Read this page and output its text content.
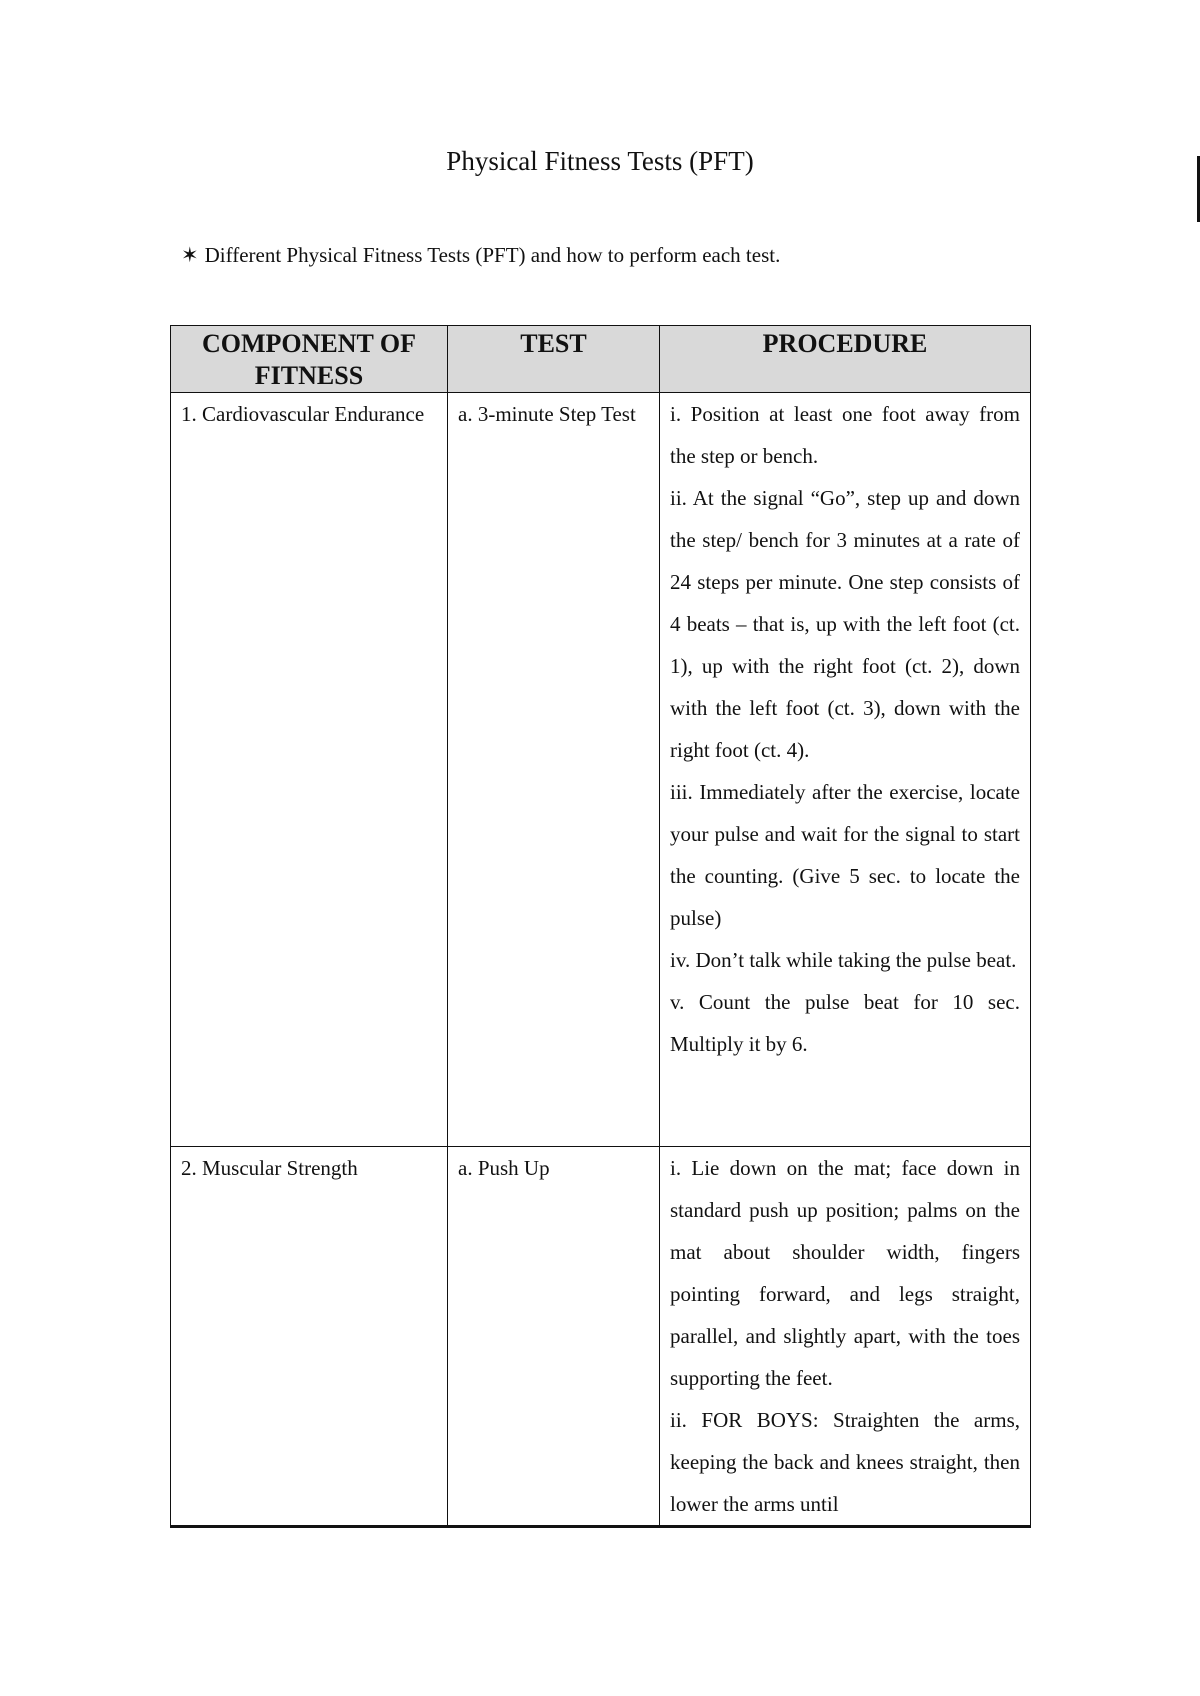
Physical Fitness Tests (PFT)
✶ Different Physical Fitness Tests (PFT) and how to perform each test.
COMPONENT OF FITNESS	TEST	PROCEDURE
1. Cardiovascular Endurance	a. 3-minute Step Test	i. Position at least one foot away from the step or bench.
ii. At the signal “Go”, step up and down the step/ bench for 3 minutes at a rate of 24 steps per minute. One step consists of 4 beats – that is, up with the left foot (ct. 1), up with the right foot (ct. 2), down with the left foot (ct. 3), down with the right foot (ct. 4).
iii. Immediately after the exercise, locate your pulse and wait for the signal to start the counting. (Give 5 sec. to locate the pulse)
iv. Don’t talk while taking the pulse beat.
v. Count the pulse beat for 10 sec. Multiply it by 6.

2. Muscular Strength	a. Push Up	i. Lie down on the mat; face down in standard push up position; palms on the mat about shoulder width, fingers pointing forward, and legs straight, parallel, and slightly apart, with the toes supporting the feet.
ii. FOR BOYS: Straighten the arms, keeping the back and knees straight, then lower the arms until
